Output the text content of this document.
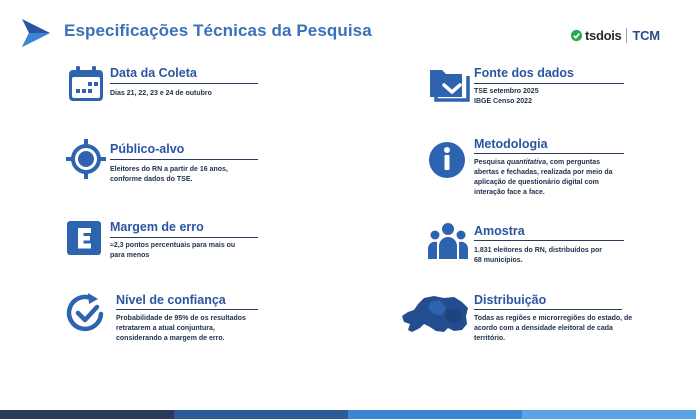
Especificações Técnicas da Pesquisa	tsdois TCM
Data da Coleta
Dias 21, 22, 23 e 24 de outubro
Público-alvo
Eleitores do RN a partir de 16 anos,
conforme dados do TSE.
Margem de erro
≈2,3 pontos percentuais para mais ou
para menos
Nível de confiança
Probabilidade de 95% de os resultados
retratarem a atual conjuntura,
considerando a margem de erro.
Fonte dos dados
TSE setembro 2025
IBGE Censo 2022
Metodologia
Pesquisa quantitativa, com perguntas
abertas e fechadas, realizada por meio da
aplicação de questionário digital com
interação face a face.
Amostra
1.831 eleitores do RN, distribuídos por
68 municípios.
Distribuição
Todas as regiões e microrregiões do estado, de
acordo com a densidade eleitoral de cada
território.
